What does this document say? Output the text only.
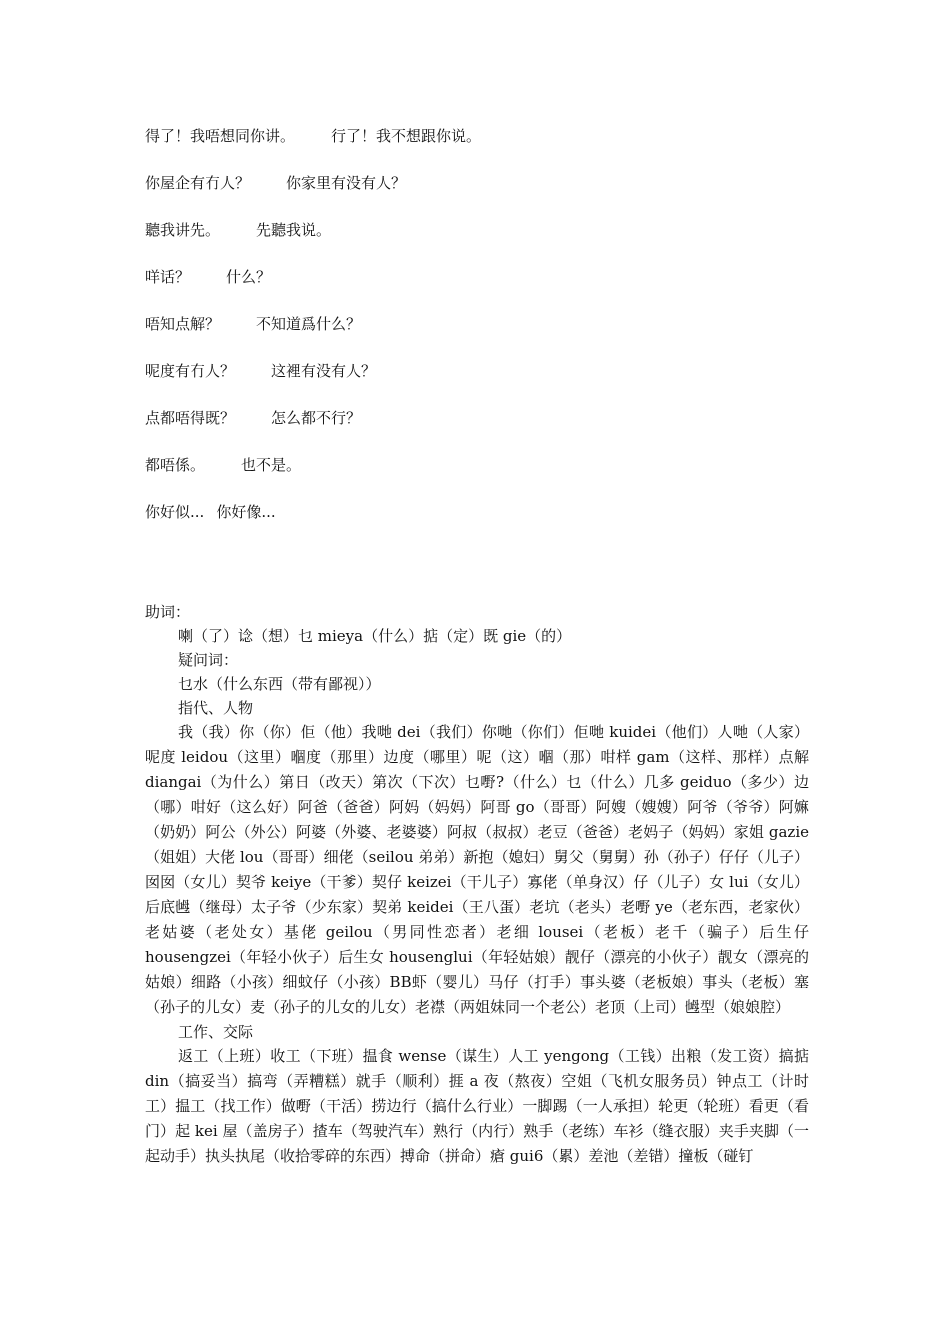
得了！我唔想同你讲。 行了！我不想跟你说。
你屋企有冇人？ 你家里有没有人？
聽我讲先。 先聽我说。
咩话？ 什么？
唔知点解？ 不知道爲什么？
呢度有冇人？ 这裡有没有人？
点都唔得既？ 怎么都不行？
都唔係。 也不是。
你好似... 你好像...

助词：

喇（了）谂（想）乜 mieya（什么）掂（定）既 gie（的）

疑问词：

乜水（什么东西（带有鄙视））

指代、人物

我（我）你（你）佢（他）我哋 dei（我们）你哋（你们）佢哋 kuidei（他们）人哋（人家）呢度 leidou（这里）嗰度（那里）边度（哪里）呢（这）嗰（那）咁样 gam（这样、那样）点解 diangai（为什么）第日（改天）第次（下次）乜嘢?（什么）乜（什么）几多 geiduo（多少）边（哪）咁好（这么好）阿爸（爸爸）阿妈（妈妈）阿哥 go（哥哥）阿嫂（嫂嫂）阿爷（爷爷）阿嫲（奶奶）阿公（外公）阿婆（外婆、老婆婆）阿叔（叔叔）老豆（爸爸）老妈子（妈妈）家姐 gazie（姐姐）大佬 lou（哥哥）细佬（seilou 弟弟）新抱（媳妇）舅父（舅舅）孙（孙子）仔仔（儿子）囡囡（女儿）契爷 keiye（干爹）契仔 keizei（干儿子）寡佬（单身汉）仔（儿子）女 lui（女儿）后底乸（继母）太子爷（少东家）契弟 keidei（王八蛋）老坑（老头）老嘢 ye（老东西，老家伙）老姑婆（老处女）基佬 geilou（男同性恋者）老细 lousei（老板）老千（骗子）后生仔 housengzei（年轻小伙子）后生女 housenglui（年轻姑娘）靓仔（漂亮的小伙子）靓女（漂亮的姑娘）细路（小孩）细蚊仔（小孩）BB虾（婴儿）马仔（打手）事头婆（老板娘）事头（老板）塞（孙子的儿女）麦（孙子的儿女的儿女）老襟（两姐妹同一个老公）老顶（上司）乸型（娘娘腔）

工作、交际

返工（上班）收工（下班）揾食 wense（谋生）人工 yengong（工钱）出粮（发工资）搞掂 din（搞妥当）搞弯（弄糟糕）就手（顺利）捱 a 夜（熬夜）空姐（飞机女服务员）钟点工（计时工）揾工（找工作）做嘢（干活）捞边行（搞什么行业）一脚踢（一人承担）轮更（轮班）看更（看门）起 kei 屋（盖房子）揸车（驾驶汽车）熟行（内行）熟手（老练）车衫（缝衣服）夹手夹脚（一起动手）执头执尾（收拾零碎的东西）搏命（拼命）瘡 gui6（累）差池（差错）撞板（碰钉
